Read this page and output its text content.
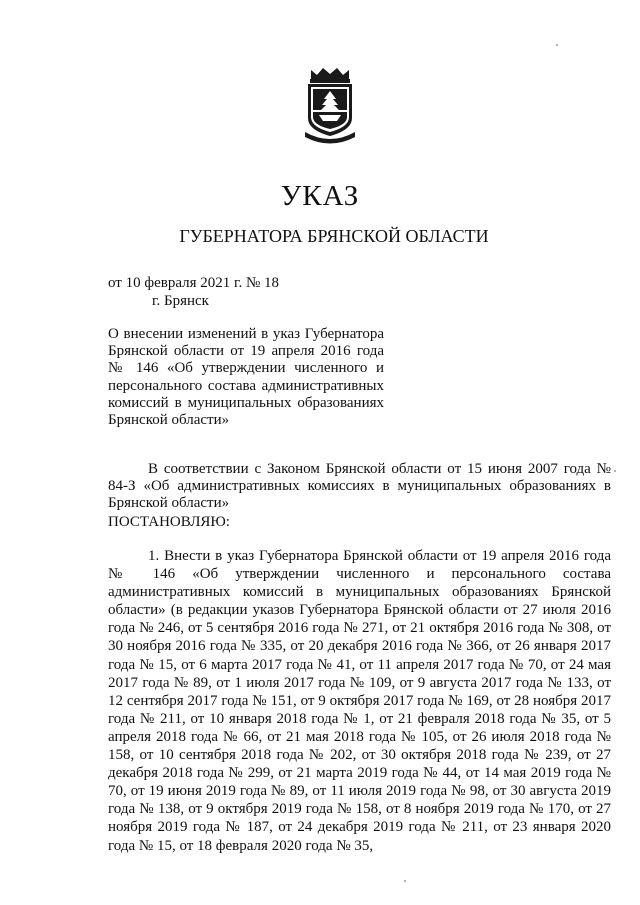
УКАЗ
ГУБЕРНАТОРА БРЯНСКОЙ ОБЛАСТИ
от 10 февраля 2021 г. № 18
г. Брянск
О внесении изменений в указ Губернатора Брянской области от 19 апреля 2016 года № 146 «Об утверждении численного и персонального состава административных комиссий в муниципальных образованиях Брянской области»
В соответствии с Законом Брянской области от 15 июня 2007 года № 84-З «Об административных комиссиях в муниципальных образованиях в Брянской области»
ПОСТАНОВЛЯЮ:
1. Внести в указ Губернатора Брянской области от 19 апреля 2016 года № 146 «Об утверждении численного и персонального состава административных комиссий в муниципальных образованиях Брянской области» (в редакции указов Губернатора Брянской области от 27 июля 2016 года № 246, от 5 сентября 2016 года № 271, от 21 октября 2016 года № 308, от 30 ноября 2016 года № 335, от 20 декабря 2016 года № 366, от 26 января 2017 года № 15, от 6 марта 2017 года № 41, от 11 апреля 2017 года № 70, от 24 мая 2017 года № 89, от 1 июля 2017 года № 109, от 9 августа 2017 года № 133, от 12 сентября 2017 года № 151, от 9 октября 2017 года № 169, от 28 ноября 2017 года № 211, от 10 января 2018 года № 1, от 21 февраля 2018 года № 35, от 5 апреля 2018 года № 66, от 21 мая 2018 года № 105, от 26 июля 2018 года № 158, от 10 сентября 2018 года № 202, от 30 октября 2018 года № 239, от 27 декабря 2018 года № 299, от 21 марта 2019 года № 44, от 14 мая 2019 года № 70, от 19 июня 2019 года № 89, от 11 июля 2019 года № 98, от 30 августа 2019 года № 138, от 9 октября 2019 года № 158, от 8 ноября 2019 года № 170, от 27 ноября 2019 года № 187, от 24 декабря 2019 года № 211, от 23 января 2020 года № 15, от 18 февраля 2020 года № 35,
